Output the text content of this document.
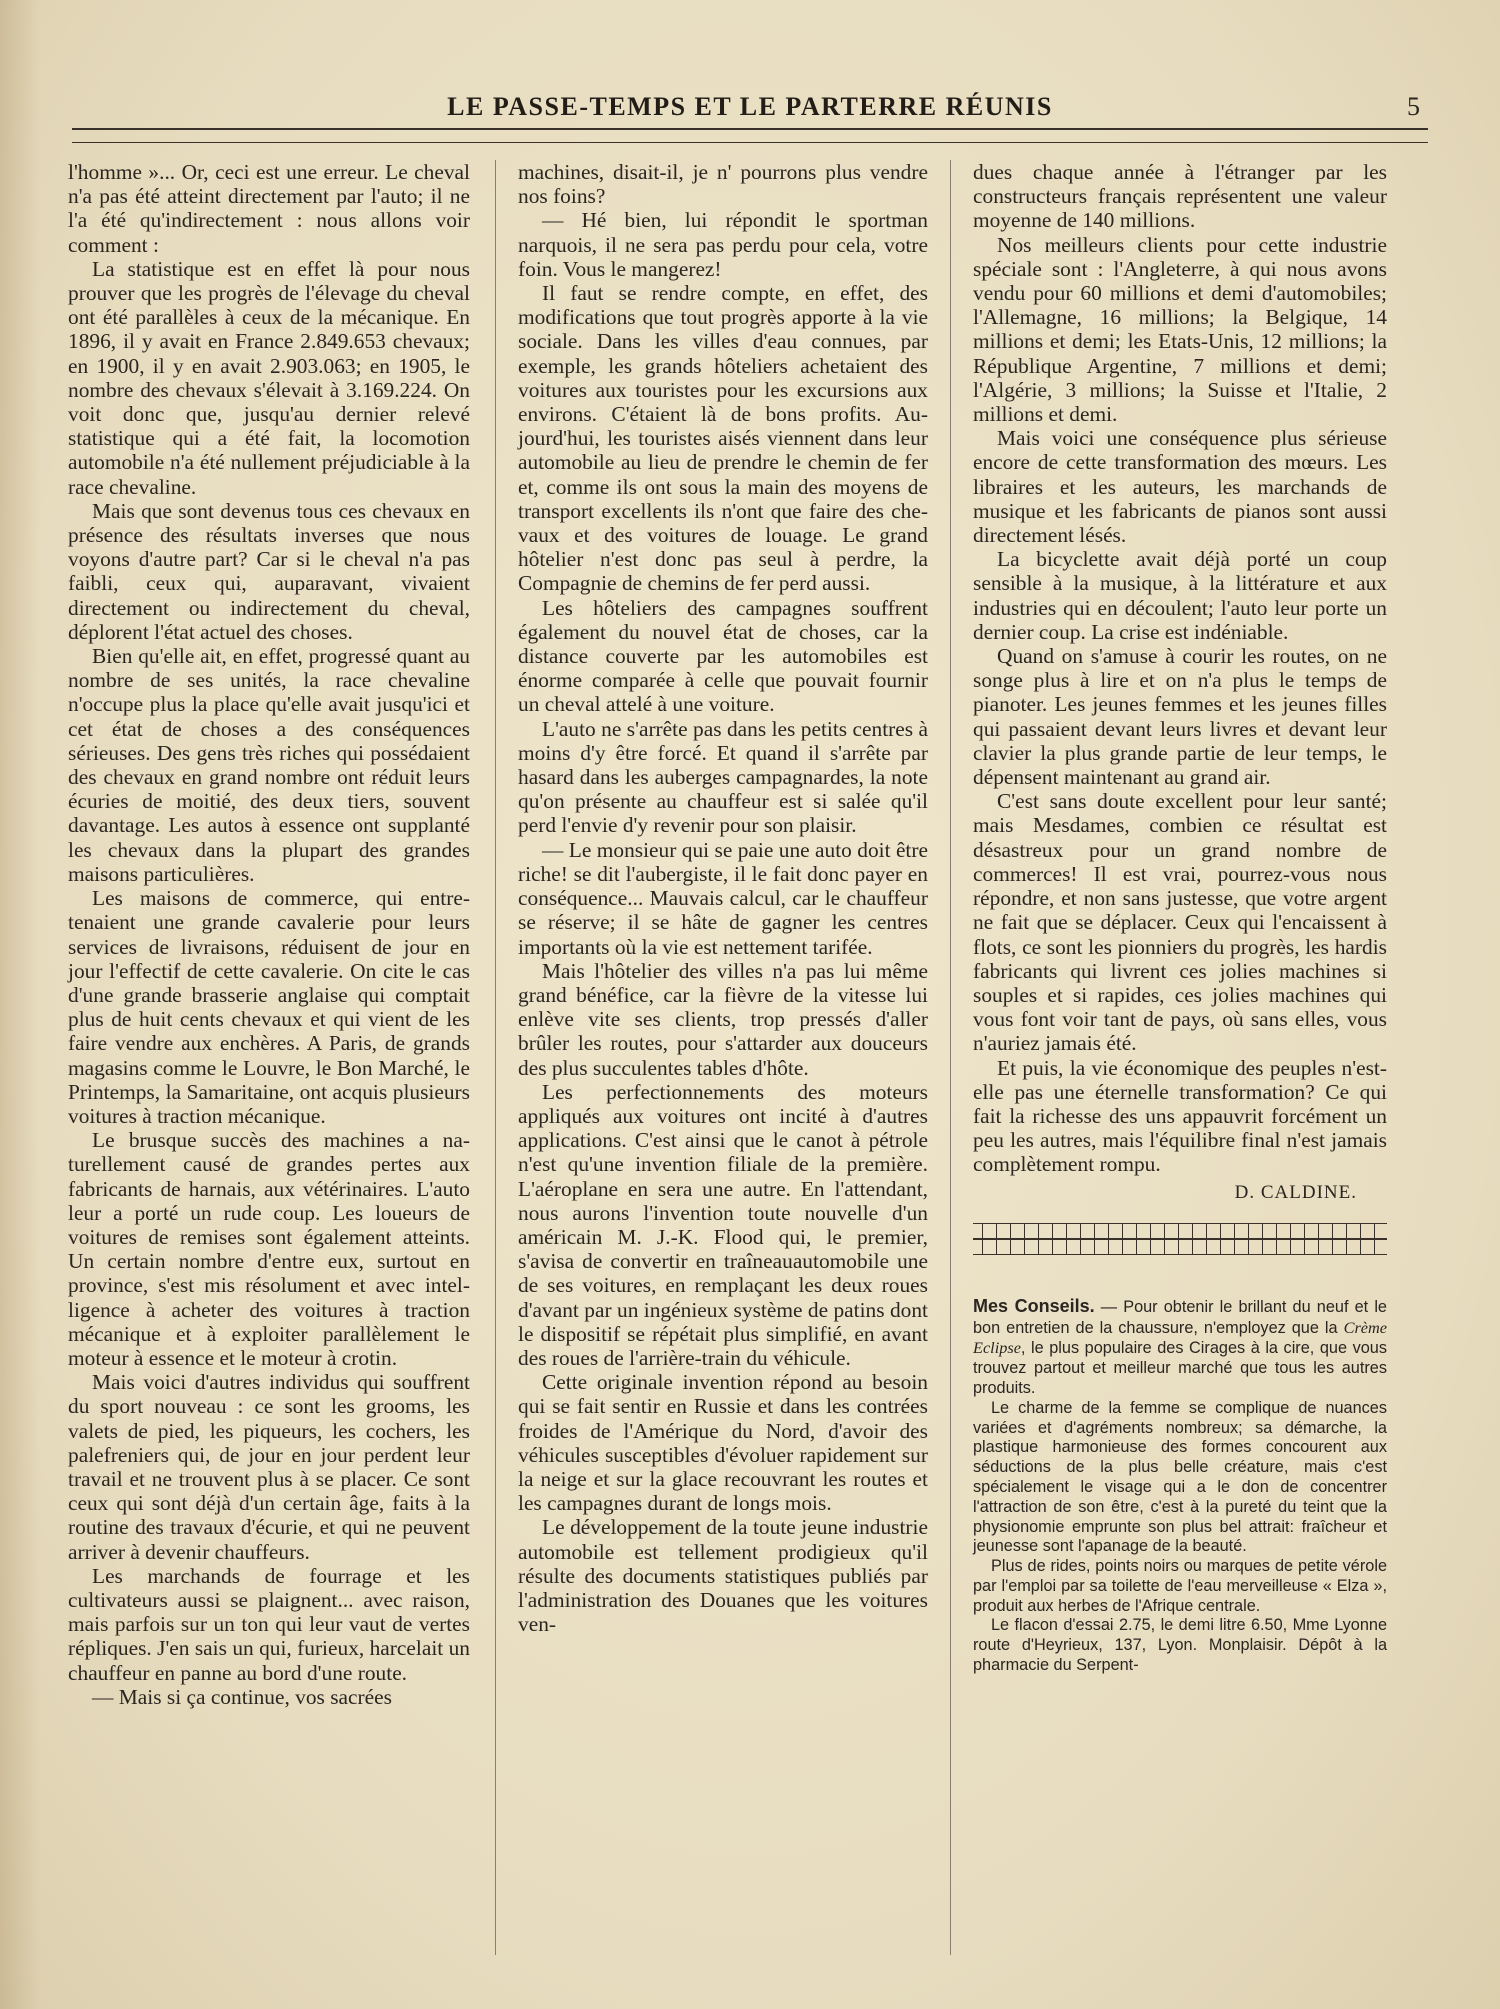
LE PASSE-TEMPS ET LE PARTERRE RÉUNIS	5

l'homme »... Or, ceci est une erreur. Le cheval n'a pas été atteint directement par l'auto; il ne l'a été qu'indirectement : nous allons voir comment :

La statistique est en effet là pour nous prouver que les progrès de l'élevage du cheval ont été parallèles à ceux de la mécanique. En 1896, il y avait en France 2.849.653 chevaux; en 1900, il y en avait 2.903.063; en 1905, le nombre des chevaux s'élevait à 3.169.224. On voit donc que, jusqu'au dernier relevé statistique qui a été fait, la locomotion automobile n'a été nullement préjudiciable à la race chevaline.

Mais que sont devenus tous ces chevaux en présence des résultats inverses que nous voyons d'autre part? Car si le cheval n'a pas faibli, ceux qui, auparavant, vivaient directement ou indirectement du cheval, déplorent l'état actuel des choses.

Bien qu'elle ait, en effet, progressé quant au nombre de ses unités, la race chevaline n'occupe plus la place qu'elle avait jusqu'ici et cet état de choses a des conséquences sérieuses. Des gens très riches qui possédaient des chevaux en grand nombre ont réduit leurs écuries de moitié, des deux tiers, souvent davantage. Les autos à essence ont supplanté les chevaux dans la plupart des grandes maisons particulières.

Les maisons de commerce, qui entretenaient une grande cavalerie pour leurs services de livraisons, réduisent de jour en jour l'effectif de cette cavalerie. On cite le cas d'une grande brasserie anglaise qui comptait plus de huit cents chevaux et qui vient de les faire vendre aux enchères. A Paris, de grands magasins comme le Louvre, le Bon Marché, le Printemps, la Samaritaine, ont acquis plusieurs voitures à traction mécanique.

Le brusque succès des machines a naturellement causé de grandes pertes aux fabricants de harnais, aux vétérinaires. L'auto leur a porté un rude coup. Les loueurs de voitures de remises sont également atteints. Un certain nombre d'entre eux, surtout en province, s'est mis résolument et avec intelligence à acheter des voitures à traction mécanique et à exploiter parallèlement le moteur à essence et le moteur à crotin.

Mais voici d'autres individus qui souffrent du sport nouveau : ce sont les grooms, les valets de pied, les piqueurs, les cochers, les palefreniers qui, de jour en jour perdent leur travail et ne trouvent plus à se placer. Ce sont ceux qui sont déjà d'un certain âge, faits à la routine des travaux d'écurie, et qui ne peuvent arriver à devenir chauffeurs.

Les marchands de fourrage et les cultivateurs aussi se plaignent... avec raison, mais parfois sur un ton qui leur vaut de vertes répliques. J'en sais un qui, furieux, harcelait un chauffeur en panne au bord d'une route.

— Mais si ça continue, vos sacrées

machines, disait-il, je n' pourrons plus vendre nos foins?

— Hé bien, lui répondit le sportman narquois, il ne sera pas perdu pour cela, votre foin. Vous le mangerez!

Il faut se rendre compte, en effet, des modifications que tout progrès apporte à la vie sociale. Dans les villes d'eau connues, par exemple, les grands hôteliers achetaient des voitures aux touristes pour les excursions aux environs. C'étaient là de bons profits. Aujourd'hui, les touristes aisés viennent dans leur automobile au lieu de prendre le chemin de fer et, comme ils ont sous la main des moyens de transport excellents ils n'ont que faire des chevaux et des voitures de louage. Le grand hôtelier n'est donc pas seul à perdre, la Compagnie de chemins de fer perd aussi.

Les hôteliers des campagnes souffrent également du nouvel état de choses, car la distance couverte par les automobiles est énorme comparée à celle que pouvait fournir un cheval attelé à une voiture.

L'auto ne s'arrête pas dans les petits centres à moins d'y être forcé. Et quand il s'arrête par hasard dans les auberges campagnardes, la note qu'on présente au chauffeur est si salée qu'il perd l'envie d'y revenir pour son plaisir.

— Le monsieur qui se paie une auto doit être riche! se dit l'aubergiste, il le fait donc payer en conséquence... Mauvais calcul, car le chauffeur se réserve; il se hâte de gagner les centres importants où la vie est nettement tarifée.

Mais l'hôtelier des villes n'a pas lui même grand bénéfice, car la fièvre de la vitesse lui enlève vite ses clients, trop pressés d'aller brûler les routes, pour s'attarder aux douceurs des plus succulentes tables d'hôte.

Les perfectionnements des moteurs appliqués aux voitures ont incité à d'autres applications. C'est ainsi que le canot à pétrole n'est qu'une invention filiale de la première. L'aéroplane en sera une autre. En l'attendant, nous aurons l'invention toute nouvelle d'un américain M. J.-K. Flood qui, le premier, s'avisa de convertir en traîneauautomobile une de ses voitures, en remplaçant les deux roues d'avant par un ingénieux système de patins dont le dispositif se répétait plus simplifié, en avant des roues de l'arrière-train du véhicule.

Cette originale invention répond au besoin qui se fait sentir en Russie et dans les contrées froides de l'Amérique du Nord, d'avoir des véhicules susceptibles d'évoluer rapidement sur la neige et sur la glace recouvrant les routes et les campagnes durant de longs mois.

Le développement de la toute jeune industrie automobile est tellement prodigieux qu'il résulte des documents statistiques publiés par l'administration des Douanes que les voitures ven-

dues chaque année à l'étranger par les constructeurs français représentent une valeur moyenne de 140 millions.

Nos meilleurs clients pour cette industrie spéciale sont : l'Angleterre, à qui nous avons vendu pour 60 millions et demi d'automobiles; l'Allemagne, 16 millions; la Belgique, 14 millions et demi; les Etats-Unis, 12 millions; la République Argentine, 7 millions et demi; l'Algérie, 3 millions; la Suisse et l'Italie, 2 millions et demi.

Mais voici une conséquence plus sérieuse encore de cette transformation des mœurs. Les libraires et les auteurs, les marchands de musique et les fabricants de pianos sont aussi directement lésés.

La bicyclette avait déjà porté un coup sensible à la musique, à la littérature et aux industries qui en découlent; l'auto leur porte un dernier coup. La crise est indéniable.

Quand on s'amuse à courir les routes, on ne songe plus à lire et on n'a plus le temps de pianoter. Les jeunes femmes et les jeunes filles qui passaient devant leurs livres et devant leur clavier la plus grande partie de leur temps, le dépensent maintenant au grand air.

C'est sans doute excellent pour leur santé; mais Mesdames, combien ce résultat est désastreux pour un grand nombre de commerces! Il est vrai, pourrez-vous nous répondre, et non sans justesse, que votre argent ne fait que se déplacer. Ceux qui l'encaissent à flots, ce sont les pionniers du progrès, les hardis fabricants qui livrent ces jolies machines si souples et si rapides, ces jolies machines qui vous font voir tant de pays, où sans elles, vous n'auriez jamais été.

Et puis, la vie économique des peuples n'est-elle pas une éternelle transformation? Ce qui fait la richesse des uns appauvrit forcément un peu les autres, mais l'équilibre final n'est jamais complètement rompu.

D. CALDINE.

Mes Conseils. — Pour obtenir le brillant du neuf et le bon entretien de la chaussure, n'employez que la Crème Eclipse, le plus populaire des Cirages à la cire, que vous trouvez partout et meilleur marché que tous les autres produits.

Le charme de la femme se complique de nuances variées et d'agréments nombreux; sa démarche, la plastique harmonieuse des formes concourent aux séductions de la plus belle créature, mais c'est spécialement le visage qui a le don de concentrer l'attraction de son être, c'est à la pureté du teint que la physionomie emprunte son plus bel attrait: fraîcheur et jeunesse sont l'apanage de la beauté.

Plus de rides, points noirs ou marques de petite vérole par l'emploi par sa toilette de l'eau merveilleuse « Elza », produit aux herbes de l'Afrique centrale.

Le flacon d'essai 2.75, le demi litre 6.50, Mme Lyonne route d'Heyrieux, 137, Lyon. Monplaisir. Dépôt à la pharmacie du Serpent-
